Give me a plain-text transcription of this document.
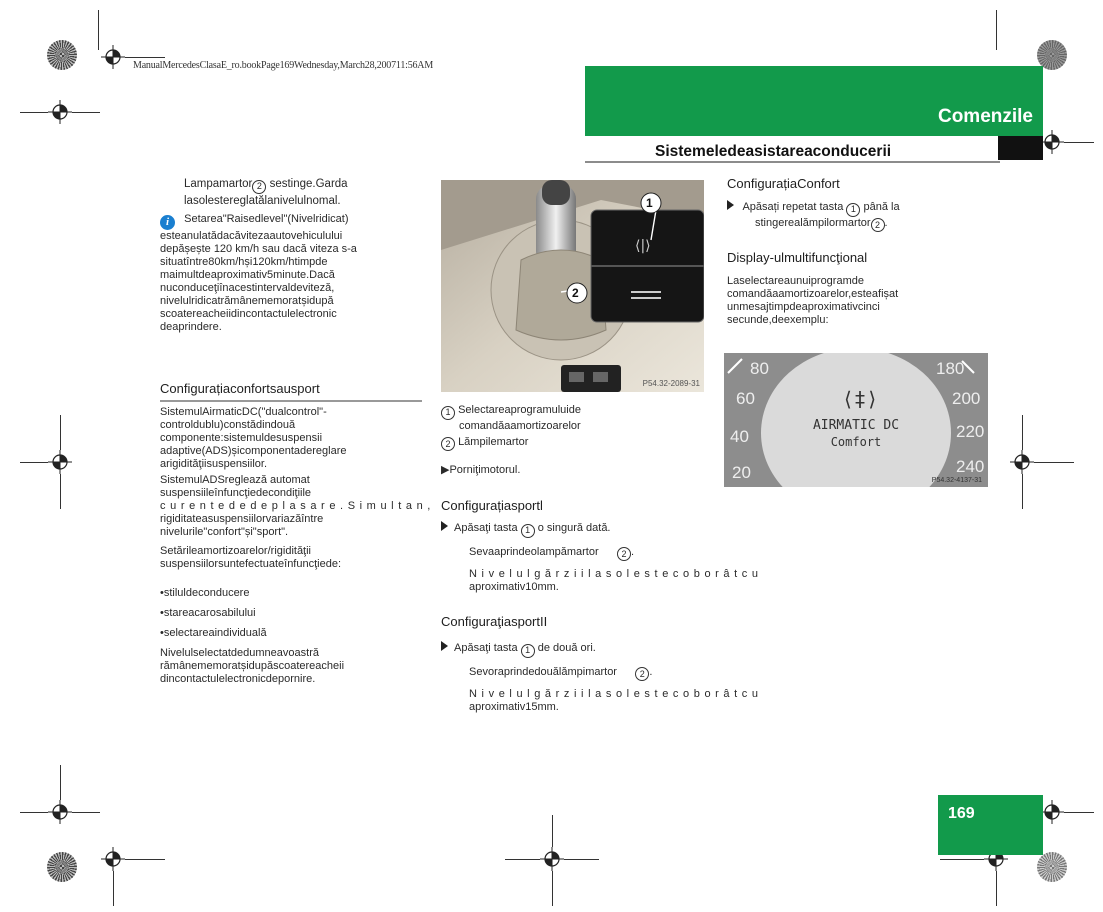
ManualMercedesClasaE_ro.bookPage169Wednesday,March28,200711:56AM
Comenzile
Sistemeledeasistareaconducerii
Lampamartor 2 sestinge.Garda
lasolestereglatălanivelulnomal.
i Setarea"Raisedlevel"(Nivelridicat)
esteanulatădacăvitezaautovehiculului
depășește 120 km/h sau dacă viteza s-a
situatîntre80km/hși120km/htimpde
maimultdeaproximativ5minute.Dacă
nuconduceţiînacestintervaldeviteză,
nivelulridicatrămânememoratșidupă
scoatereacheiidincontactulelectronic
deaprindere.
Configurațiaconfortsausport
SistemulAirmaticDC("dualcontrol"-
controldublu)constădindouă
componente:sistemuldesuspensii
adaptive(ADS)șicomponentadereglare
arigidităţiisuspensiilor.
SistemulADSreglează automat
suspensiileînfuncţiedecondiţiile
curentededeplasare.Simultan,
rigiditateasuspensiilorvariazăîntre
nivelurile"confort"și"sport".
Setărileamortizoarelor/rigidităţii
suspensiilorsuntefectuateînfuncţiede:
•stiluldeconducere
•stareacarosabilului
•selectareaindividuală
Nivelulselectatdedumneavoastră
rămânememoratșidupăscoatereacheii
dincontactulelectronicdepornire.
⟨|⟩
1
2
P54.32-2089-31
1 Selectareaprogramuluide
comandăaamortizoarelor
2 Lămpilemartor
▶Porniţimotorul.
Configurațiasportl
Apăsaţi tasta 1 o singură dată.
Sevaaprindeolampămartor	2 .
Nivelulgărziilasolestecoborâtcu
aproximativ10mm.
ConfiguraţiasportII
Apăsaţi tasta 1 de două ori.
Sevoraprindedouălămpimartor	2 .
Nivelulgărziilasolestecoborâtcu
aproximativ15mm.
ConfigurațiaConfort
Apăsați repetat tasta 1 până la
stingerealămpilormartor 2 .
Display-ulmultifuncţional
Laselectareaunuiprogramde
comandăaamortizoarelor,esteafișat
unmesajtimpdeaproximativcinci
secunde,deexemplu:
80
60
40
20
180
200
220
240
⟨‡⟩
AIRMATIC DC
Comfort
P54.32-4137-31
169
